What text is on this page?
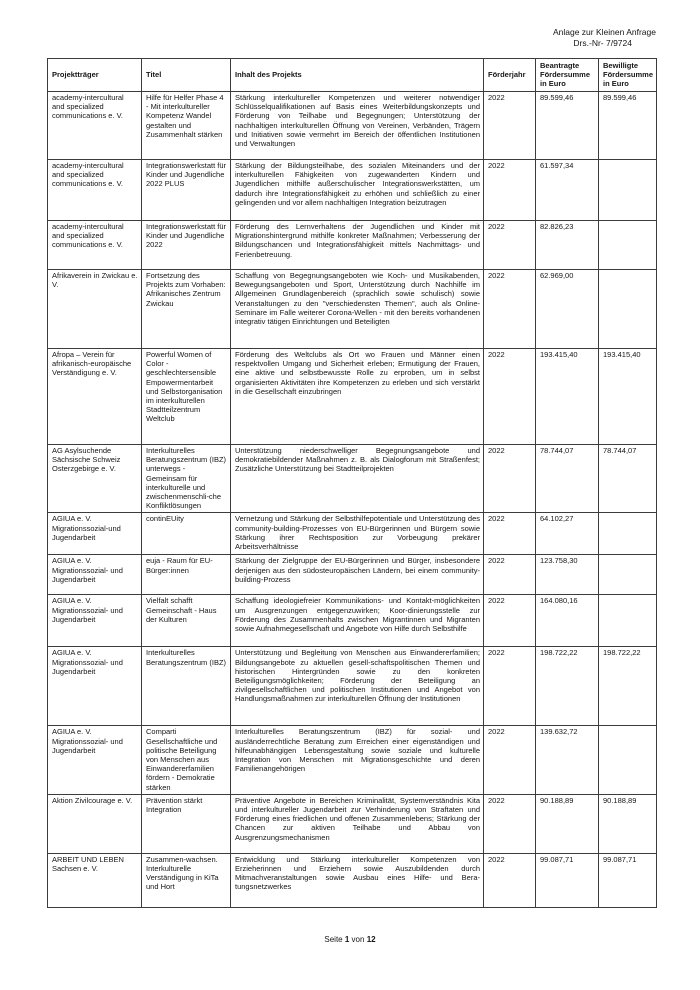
Anlage zur Kleinen Anfrage
Drs.-Nr- 7/9724
Projektträger	Titel	Inhalt des Projekts	Förderjahr	Beantragte Fördersumme in Euro	Bewilligte Fördersumme in Euro
academy-intercultural and specialized communications e. V.	Hilfe für Helfer Phase 4 - Mit interkultureller Kompetenz Wandel gestalten und Zusammenhalt stärken	Stärkung interkultureller Kompetenzen und weiterer notwendiger Schlüsselqualifikationen auf Basis eines Weiterbildungskonzepts und Förderung von Teilhabe und Begegnungen; Unterstützung der nachhaltigen interkulturellen Öffnung von Vereinen, Verbänden, Trägern und Initiativen sowie vermehrt im Bereich der öffentlichen Institutionen und Verwaltungen	2022	89.599,46	89.599,46
academy-intercultural and specialized communications e. V.	Integrationswerkstatt für Kinder und Jugendliche 2022 PLUS	Stärkung der Bildungsteilhabe, des sozialen Miteinanders und der interkulturellen Fähigkeiten von zugewanderten Kindern und Jugendlichen mithilfe außerschulischer Integrationswerkstätten, um dadurch ihre Integrationsfähigkeit zu erhöhen und schließlich zu einer gelingenden und vor allem nachhaltigen Integration beizutragen	2022	61.597,34	
academy-intercultural and specialized communications e. V.	Integrationswerkstatt für Kinder und Jugendliche 2022	Förderung des Lernverhaltens der Jugendlichen und Kinder mit Migrationshintergrund mithilfe konkreter Maßnahmen; Verbesserung der Bildungschancen und Integrationsfähigkeit mittels Nachmittags- und Ferienbetreuung.	2022	82.826,23	
Afrikaverein in Zwickau e. V.	Fortsetzung des Projekts zum Vorhaben: Afrikanisches Zentrum Zwickau	Schaffung von Begegnungsangeboten wie Koch- und Musikabenden, Bewegungsangeboten und Sport, Unterstützung durch Nachhilfe im Allgemeinen Grundlagenbereich (sprachlich sowie schulisch) sowie Veranstaltungen zu den "verschiedensten Themen", auch als Online-Seminare im Falle weiterer Corona-Wellen - mit den bereits vorhandenen integrativ tätigen Einrichtungen und Beteiligten	2022	62.969,00	
Afropa – Verein für afrikanisch-europäische Verständigung e. V.	Powerful Women of Color - geschlechtersensible Empowermentarbeit und Selbstorganisation im interkulturellen Stadtteilzentrum Weltclub	Förderung des Weltclubs als Ort wo Frauen und Männer einen respektvollen Umgang und Sicherheit erleben; Ermutigung der Frauen, eine aktive und selbstbewusste Rolle zu erproben, um in selbst organisierten Aktivitäten ihre Kompetenzen zu erleben und sich verstärkt in die Gesellschaft einzubringen	2022	193.415,40	193.415,40
AG Asylsuchende Sächsische Schweiz Osterzgebirge e. V.	Interkulturelles Beratungszentrum (IBZ) unterwegs - Gemeinsam für interkulturelle und zwischenmenschli-che Konfliktlösungen	Unterstützung niederschwelliger Begegnungsangebote und demokratiebildender Maßnahmen z. B. als Dialogforum mit Straßenfest; Zusätzliche Unterstützung bei Stadtteilprojekten	2022	78.744,07	78.744,07
AGIUA e. V. Migrationssozial-und Jugendarbeit	continEUity	Vernetzung und Stärkung der Selbsthilfepotentiale und Unterstützung des community-building-Prozesses von EU-Bürgerinnen und Bürgern sowie Stärkung ihrer Rechtsposition zur Vorbeugung prekärer Arbeitsverhältnisse	2022	64.102,27	
AGIUA e. V. Migrationssozial- und Jugendarbeit	euja - Raum für EU-Bürger:innen	Stärkung der Zielgruppe der EU-Bürgerinnen und Bürger, insbesondere derjenigen aus den südosteuropäischen Ländern, bei einem community-building-Prozess	2022	123.758,30	
AGIUA e. V. Migrationssozial- und Jugendarbeit	Vielfalt schafft Gemeinschaft - Haus der Kulturen	Schaffung ideologiefreier Kommunikations- und Kontakt-möglichkeiten um Ausgrenzungen entgegenzuwirken; Koor-dinierungsstelle zur Förderung des Zusammenhalts zwischen Migrantinnen und Migranten sowie Aufnahmegesellschaft und Angebote von Hilfe durch Selbsthilfe	2022	164.080,16	
AGIUA e. V. Migrationssozial- und Jugendarbeit	Interkulturelles Beratungszentrum (IBZ)	Unterstützung und Begleitung von Menschen aus Einwandererfamilien; Bildungsangebote zu aktuellen gesell-schaftspolitischen Themen und historischen Hintergründen sowie zu den konkreten Beteiligungsmöglichkeiten; Förderung der Beteiligung an zivilgesellschaftlichen und politischen Institutionen und Angebot von Handlungsmaßnahmen zur interkulturellen Öffnung der Institutionen	2022	198.722,22	198.722,22
AGIUA e. V. Migrationssozial- und Jugendarbeit	Comparti Gesellschaftliche und politische Beteiligung von Menschen aus Einwandererfamilien fördern - Demokratie stärken	Interkulturelles Beratungszentrum (IBZ) für sozial- und ausländerrechtliche Beratung zum Erreichen einer eigenständigen und hilfeunabhängigen Lebensgestaltung sowie soziale und kulturelle Integration von Menschen mit Migrationsgeschichte und deren Familienangehörigen	2022	139.632,72	
Aktion Zivilcourage e. V.	Prävention stärkt Integration	Präventive Angebote in Bereichen Kriminalität, Systemverständnis Kita und interkultureller Jugendarbeit zur Verhinderung von Straftaten und Förderung eines friedlichen und offenen Zusammenlebens; Stärkung der Chancen zur aktiven Teilhabe und Abbau von Ausgrenzungsmechanismen	2022	90.188,89	90.188,89
ARBEIT UND LEBEN Sachsen e. V.	Zusammen-wachsen. Interkulturelle Verständigung in KiTa und Hort	Entwicklung und Stärkung interkultureller Kompetenzen von Erzieherinnen und Erziehern sowie Auszubildenden durch Mitmachveranstaltungen sowie Ausbau eines Hilfe- und Bera-tungsnetzwerkes	2022	99.087,71	99.087,71
Seite 1 von 12
